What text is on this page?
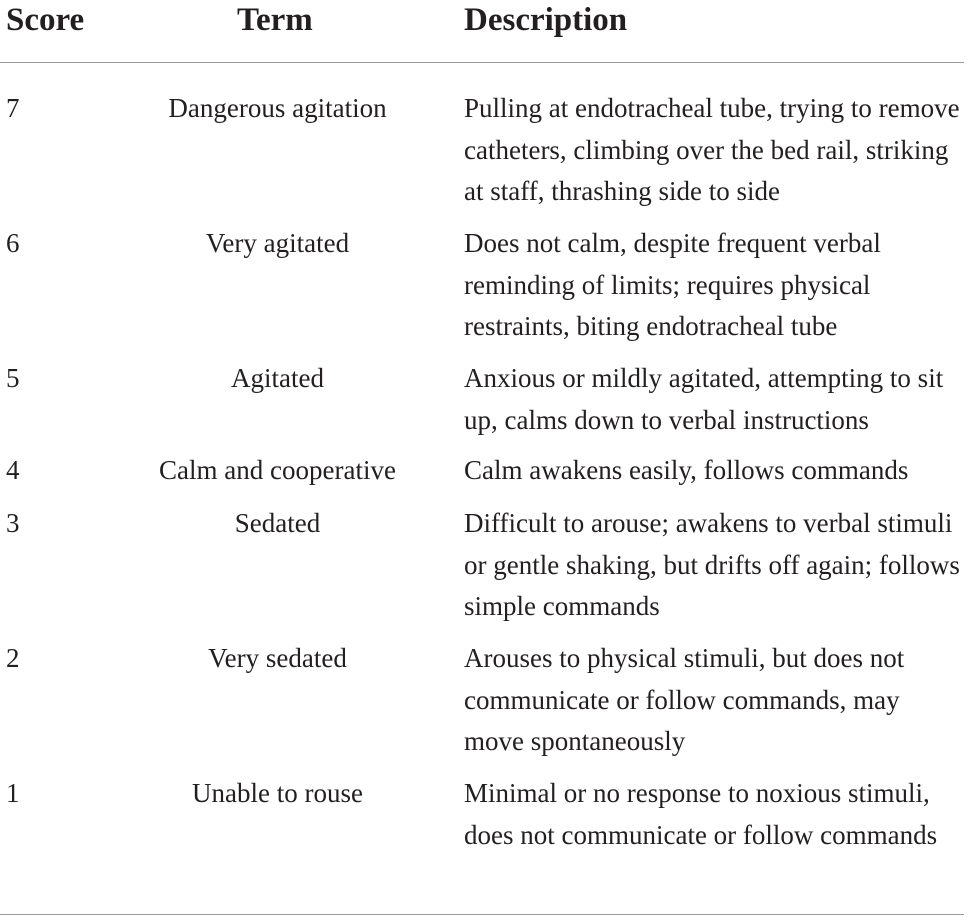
Score	Term	Description
7	Dangerous agitation	Pulling at endotracheal tube, trying to remove catheters, climbing over the bed rail, striking at staff, thrashing side to side
6	Very agitated	Does not calm, despite frequent verbal reminding of limits; requires physical restraints, biting endotracheal tube
5	Agitated	Anxious or mildly agitated, attempting to sit up, calms down to verbal instructions
4	Calm and cooperative	Calm awakens easily, follows commands
3	Sedated	Difficult to arouse; awakens to verbal stimuli or gentle shaking, but drifts off again; follows simple commands
2	Very sedated	Arouses to physical stimuli, but does not communicate or follow commands, may move spontaneously
1	Unable to rouse	Minimal or no response to noxious stimuli, does not communicate or follow commands
